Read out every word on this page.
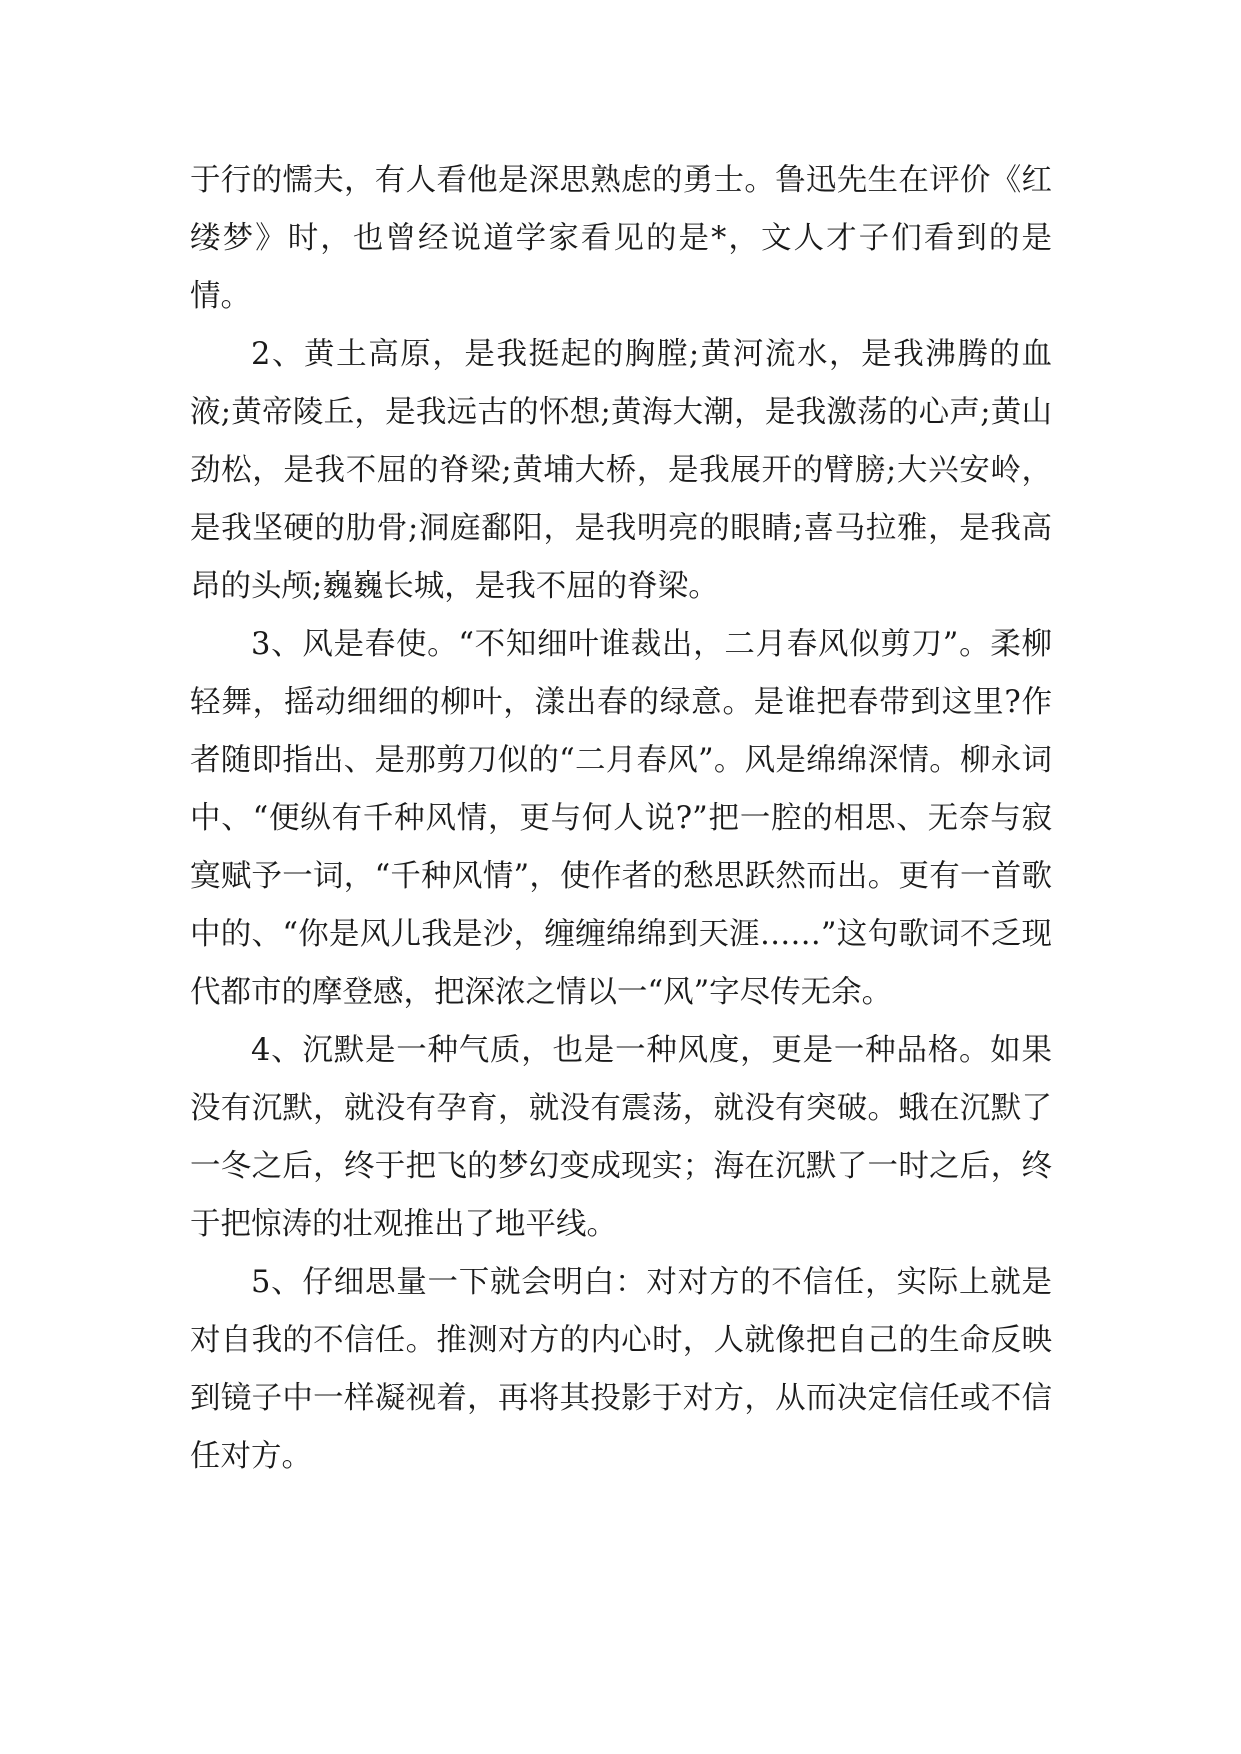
于行的懦夫，有人看他是深思熟虑的勇士。鲁迅先生在评价《红缕梦》时，也曾经说道学家看见的是*，文人才子们看到的是情。

2、黄土高原，是我挺起的胸膛;黄河流水，是我沸腾的血液;黄帝陵丘，是我远古的怀想;黄海大潮，是我激荡的心声;黄山劲松，是我不屈的脊梁;黄埔大桥，是我展开的臂膀;大兴安岭，是我坚硬的肋骨;洞庭鄱阳，是我明亮的眼睛;喜马拉雅，是我高昂的头颅;巍巍长城，是我不屈的脊梁。

3、风是春使。“不知细叶谁裁出，二月春风似剪刀”。柔柳轻舞，摇动细细的柳叶，漾出春的绿意。是谁把春带到这里?作者随即指出、是那剪刀似的“二月春风”。风是绵绵深情。柳永词中、“便纵有千种风情，更与何人说?”把一腔的相思、无奈与寂寞赋予一词，“千种风情”，使作者的愁思跃然而出。更有一首歌中的、“你是风儿我是沙，缠缠绵绵到天涯……”这句歌词不乏现代都市的摩登感，把深浓之情以一“风”字尽传无余。

4、沉默是一种气质，也是一种风度，更是一种品格。如果没有沉默，就没有孕育，就没有震荡，就没有突破。蛾在沉默了一冬之后，终于把飞的梦幻变成现实；海在沉默了一时之后，终于把惊涛的壮观推出了地平线。

5、仔细思量一下就会明白：对对方的不信任，实际上就是对自我的不信任。推测对方的内心时，人就像把自己的生命反映到镜子中一样凝视着，再将其投影于对方，从而决定信任或不信任对方。
